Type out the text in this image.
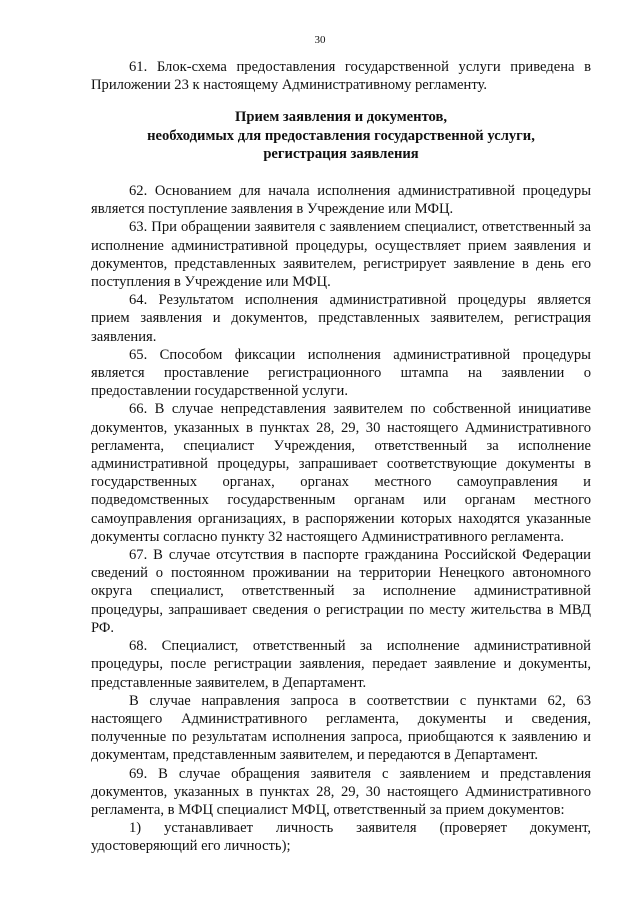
30

61. Блок-схема предоставления государственной услуги приведена в Приложении 23 к настоящему Административному регламенту.

Прием заявления и документов,
необходимых для предоставления государственной услуги,
регистрация заявления

62. Основанием для начала исполнения административной процедуры является поступление заявления в Учреждение или МФЦ.

63. При обращении заявителя с заявлением специалист, ответственный за исполнение административной процедуры, осуществляет прием заявления и документов, представленных заявителем, регистрирует заявление в день его поступления в Учреждение или МФЦ.

64. Результатом исполнения административной процедуры является прием заявления и документов, представленных заявителем, регистрация заявления.

65. Способом фиксации исполнения административной процедуры является проставление регистрационного штампа на заявлении о предоставлении государственной услуги.

66. В случае непредставления заявителем по собственной инициативе документов, указанных в пунктах 28, 29, 30 настоящего Административного регламента, специалист Учреждения, ответственный за исполнение административной процедуры, запрашивает соответствующие документы в государственных органах, органах местного самоуправления и подведомственных государственным органам или органам местного самоуправления организациях, в распоряжении которых находятся указанные документы согласно пункту 32 настоящего Административного регламента.

67. В случае отсутствия в паспорте гражданина Российской Федерации сведений о постоянном проживании на территории Ненецкого автономного округа специалист, ответственный за исполнение административной процедуры, запрашивает сведения о регистрации по месту жительства в МВД РФ.

68. Специалист, ответственный за исполнение административной процедуры, после регистрации заявления, передает заявление и документы, представленные заявителем, в Департамент.

В случае направления запроса в соответствии с пунктами 62, 63 настоящего Административного регламента, документы и сведения, полученные по результатам исполнения запроса, приобщаются к заявлению и документам, представленным заявителем, и передаются в Департамент.

69. В случае обращения заявителя с заявлением и представления документов, указанных в пунктах 28, 29, 30 настоящего Административного регламента, в МФЦ специалист МФЦ, ответственный за прием документов:

1) устанавливает личность заявителя (проверяет документ, удостоверяющий его личность);
